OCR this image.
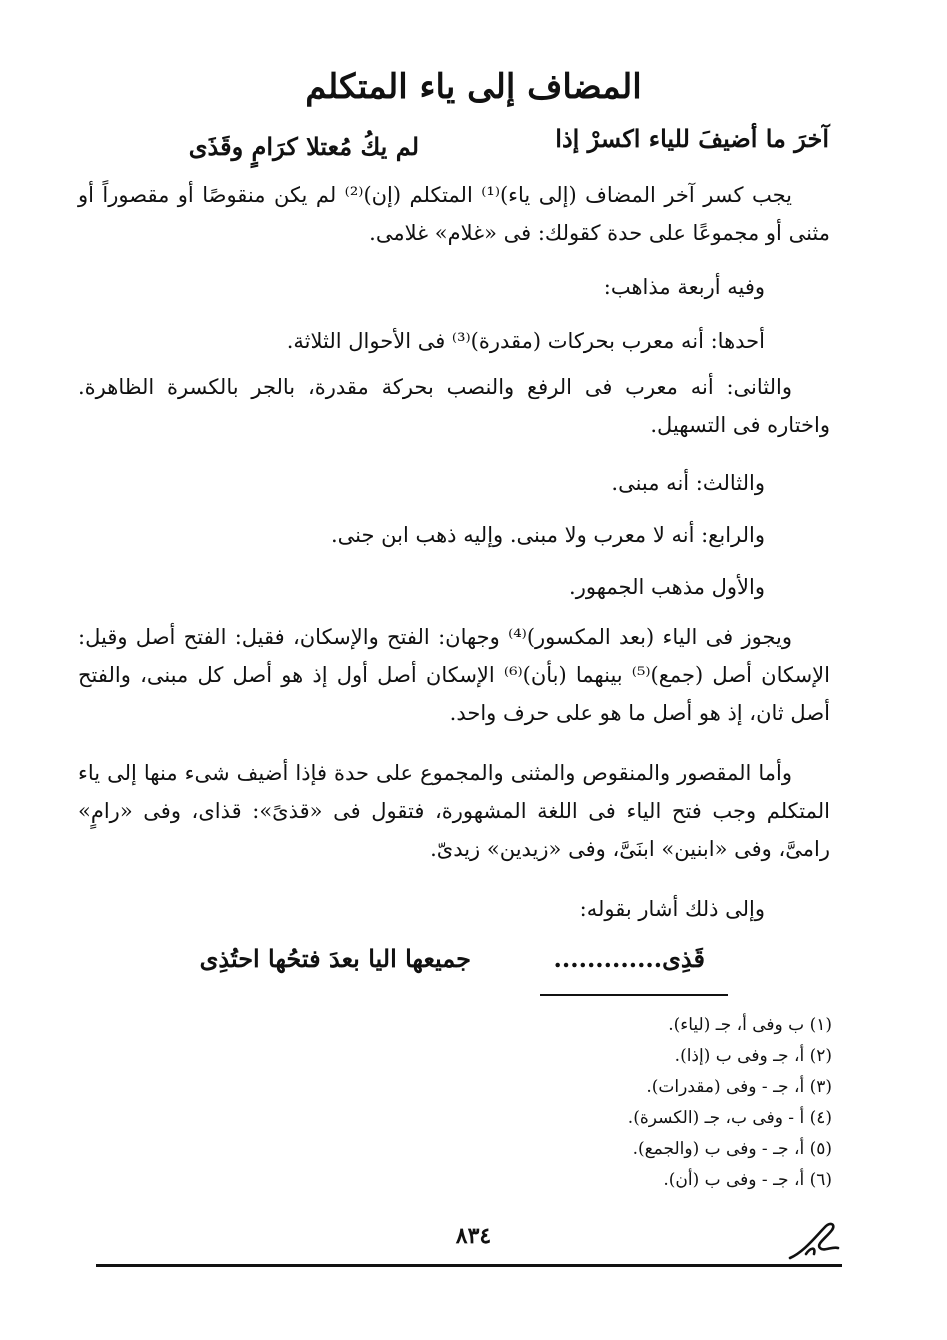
المضاف إلى ياء المتكلم
آخرَ ما أضيفَ للياء اكسرْ إذا
لم يكُ مُعتلا كرَامٍ وقَذَى
يجب كسر آخر المضاف (إلى ياء)⁽¹⁾ المتكلم (إن)⁽²⁾ لم يكن منقوصًا أو مقصوراً أو مثنى أو مجموعًا على حدة كقولك: فى «غلام» غلامى.
وفيه أربعة مذاهب:
أحدها: أنه معرب بحركات (مقدرة)⁽³⁾ فى الأحوال الثلاثة.
والثانى: أنه معرب فى الرفع والنصب بحركة مقدرة، بالجر بالكسرة الظاهرة. واختاره فى التسهيل.
والثالث: أنه مبنى.
والرابع: أنه لا معرب ولا مبنى. وإليه ذهب ابن جنى.
والأول مذهب الجمهور.
ويجوز فى الياء (بعد المكسور)⁽⁴⁾ وجهان: الفتح والإسكان، فقيل: الفتح أصل وقيل: الإسكان أصل (جمع)⁽⁵⁾ بينهما (بأن)⁽⁶⁾ الإسكان أصل أول إذ هو أصل كل مبنى، والفتح أصل ثان، إذ هو أصل ما هو على حرف واحد.
وأما المقصور والمنقوص والمثنى والمجموع على حدة فإذا أضيف شىء منها إلى ياء المتكلم وجب فتح الياء فى اللغة المشهورة، فتقول فى «قذىً»: قذاى، وفى «رامٍ» رامىَّ، وفى «ابنين» ابنَىَّ، وفى «زيدين» زيدىّ.
وإلى ذلك أشار بقوله:
قَذِى.............
جميعها اليا بعدَ فتحُها احتُذِى
(١) ب وفى أ، جـ (لياء).
(٢) أ، جـ وفى ب (إذا).
(٣) أ، جـ - وفى (مقدرات).
(٤) أ - وفى ب، جـ (الكسرة).
(٥) أ، جـ - وفى ب (والجمع).
(٦) أ، جـ - وفى ب (أن).
٨٣٤
